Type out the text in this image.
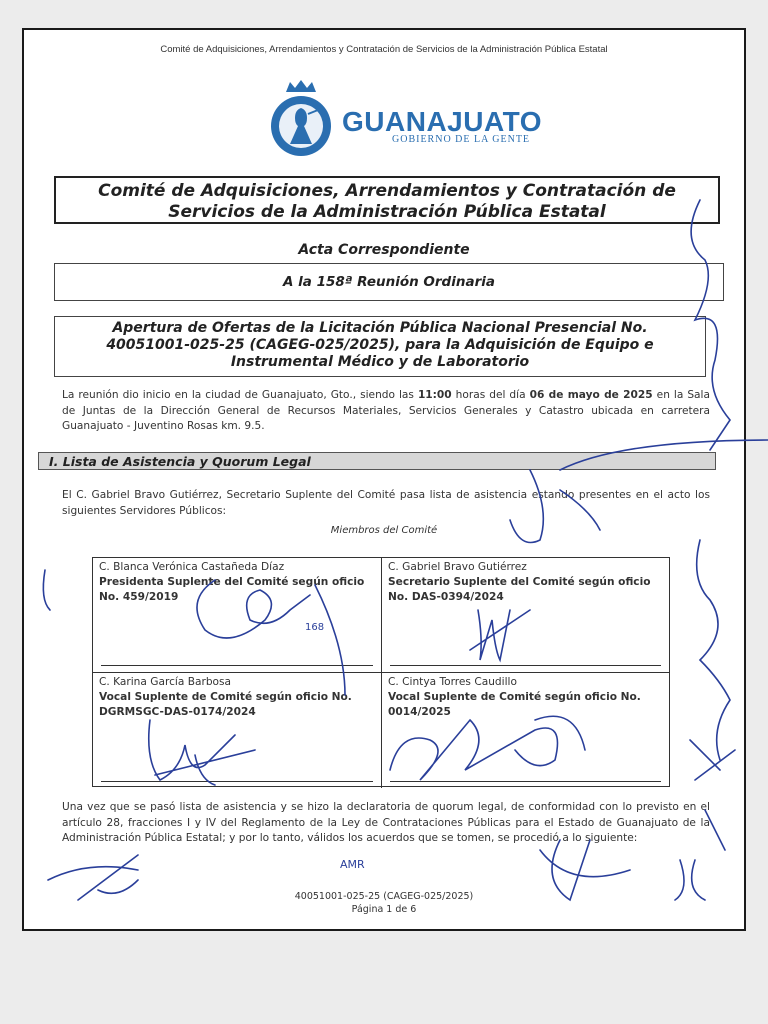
Comité de Adquisiciones, Arrendamientos y Contratación de Servicios de la Administración Pública Estatal
GUANAJUATO
GOBIERNO DE LA GENTE
Comité de Adquisiciones, Arrendamientos y Contratación de
Servicios de la Administración Pública Estatal
Acta Correspondiente
A la 158ª Reunión Ordinaria
Apertura de Ofertas de la Licitación Pública Nacional Presencial No.
40051001-025-25 (CAGEG-025/2025), para la Adquisición de Equipo e
Instrumental Médico y de Laboratorio
La reunión dio inicio en la ciudad de Guanajuato, Gto., siendo las 11:00 horas del día 06 de mayo de 2025 en la Sala de Juntas de la Dirección General de Recursos Materiales, Servicios Generales y Catastro ubicada en carretera Guanajuato - Juventino Rosas km. 9.5.
I. Lista de Asistencia y Quorum Legal
El C. Gabriel Bravo Gutiérrez, Secretario Suplente del Comité pasa lista de asistencia estando presentes en el acto los siguientes Servidores Públicos:
Miembros del Comité
C. Blanca Verónica Castañeda Díaz
Presidenta Suplente del Comité según oficio No. 459/2019
C. Gabriel Bravo Gutiérrez
Secretario Suplente del Comité según oficio No. DAS-0394/2024
C. Karina García Barbosa
Vocal Suplente de Comité según oficio No. DGRMSGC-DAS-0174/2024
C. Cintya Torres Caudillo
Vocal Suplente de Comité según oficio No. 0014/2025
Una vez que se pasó lista de asistencia y se hizo la declaratoria de quorum legal, de conformidad con lo previsto en el artículo 28, fracciones I y IV del Reglamento de la Ley de Contrataciones Públicas para el Estado de Guanajuato de la Administración Pública Estatal; y por lo tanto, válidos los acuerdos que se tomen, se procedió a lo siguiente:
40051001-025-25 (CAGEG-025/2025)
Página 1 de 6
AMR
168
